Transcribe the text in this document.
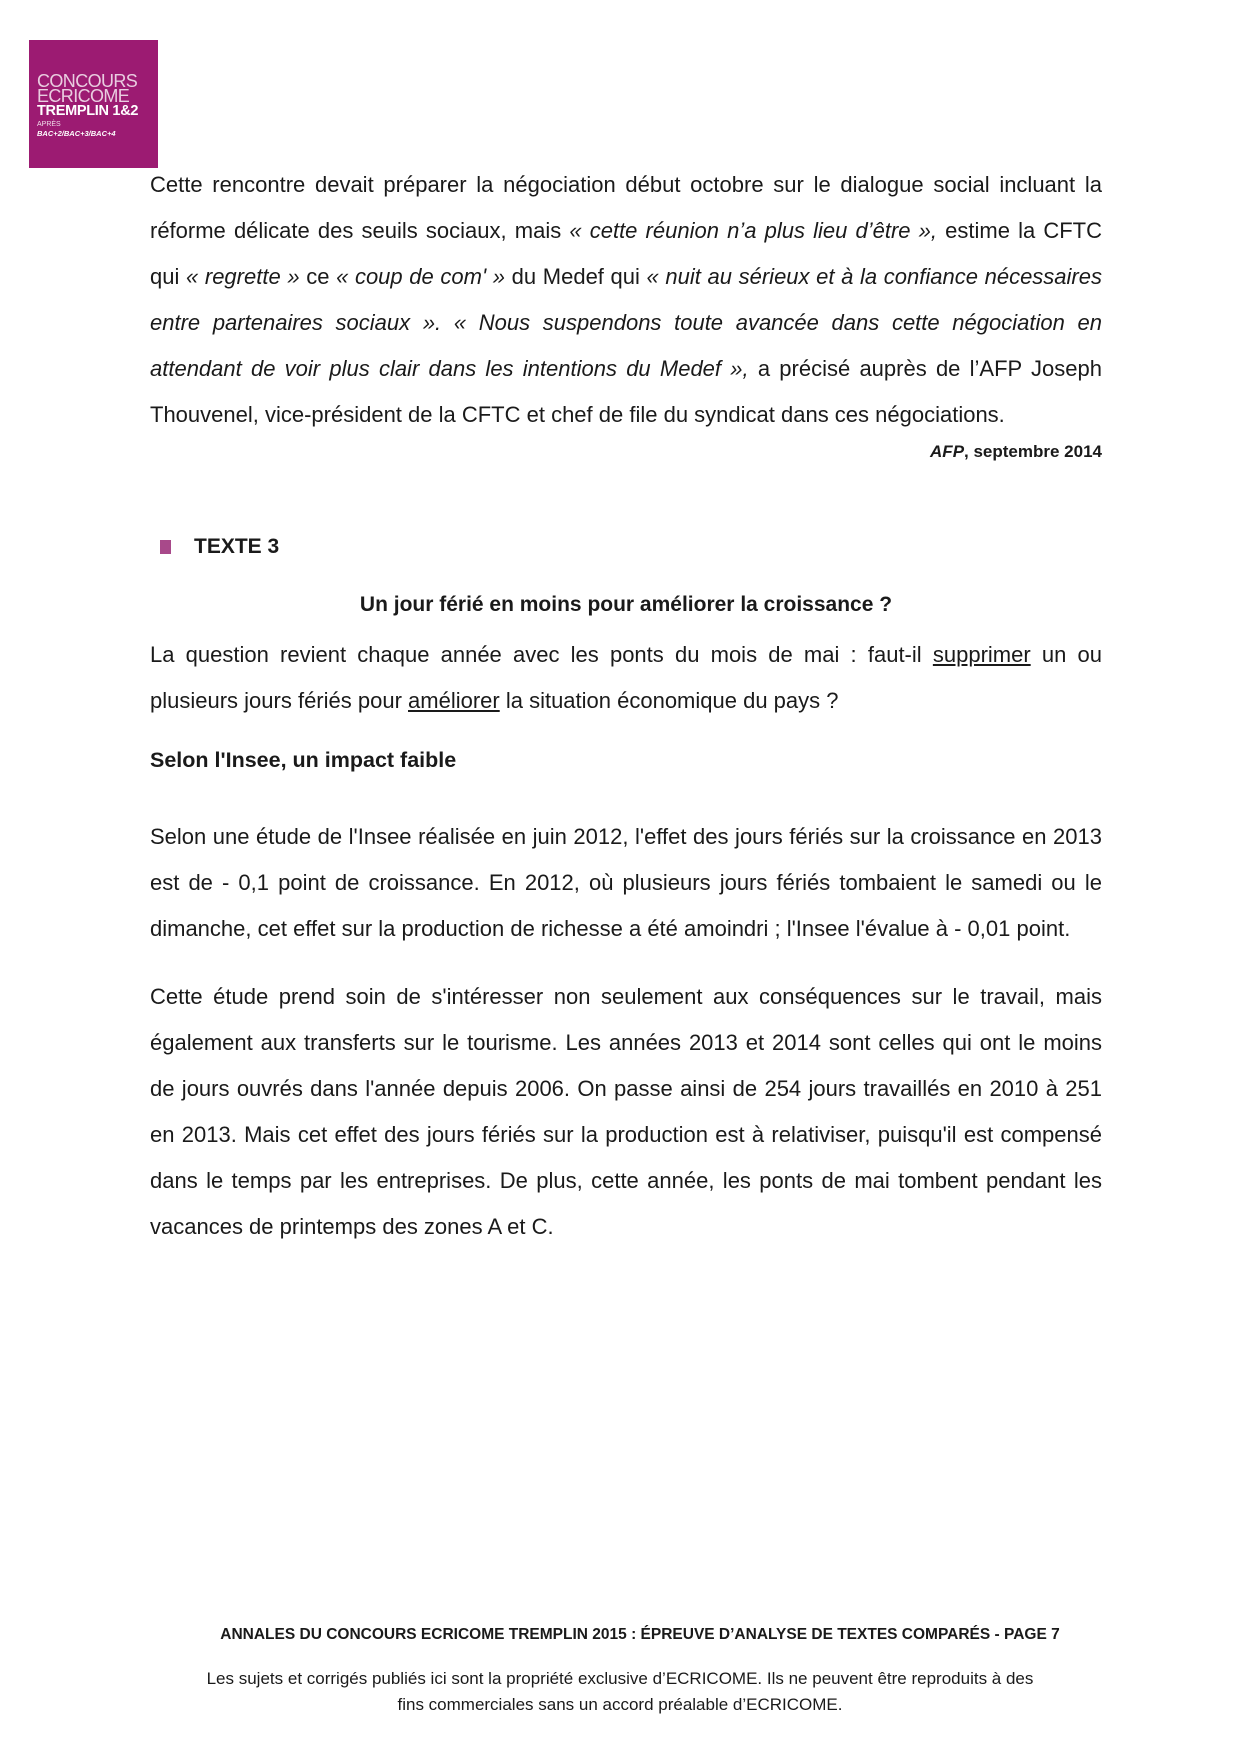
CONCOURS
ECRICOME
TREMPLIN 1&2
APRÈS
BAC+2/BAC+3/BAC+4

Cette rencontre devait préparer la négociation début octobre sur le dialogue social incluant la réforme délicate des seuils sociaux, mais « cette réunion n’a plus lieu d’être », estime la CFTC qui « regrette » ce « coup de com' » du Medef qui « nuit au sérieux et à la confiance nécessaires entre partenaires sociaux ». « Nous suspendons toute avancée dans cette négociation en attendant de voir plus clair dans les intentions du Medef », a précisé auprès de l’AFP Joseph Thouvenel, vice-président de la CFTC et chef de file du syndicat dans ces négociations.

AFP, septembre 2014
TEXTE 3
Un jour férié en moins pour améliorer la croissance ?

La question revient chaque année avec les ponts du mois de mai : faut-il supprimer un ou plusieurs jours fériés pour améliorer la situation économique du pays ?

Selon l'Insee, un impact faible

Selon une étude de l'Insee réalisée en juin 2012, l'effet des jours fériés sur la croissance en 2013 est de - 0,1 point de croissance. En 2012, où plusieurs jours fériés tombaient le samedi ou le dimanche, cet effet sur la production de richesse a été amoindri ; l'Insee l'évalue à - 0,01 point.

Cette étude prend soin de s'intéresser non seulement aux conséquences sur le travail, mais également aux transferts sur le tourisme. Les années 2013 et 2014 sont celles qui ont le moins de jours ouvrés dans l'année depuis 2006. On passe ainsi de 254 jours travaillés en 2010 à 251 en 2013. Mais cet effet des jours fériés sur la production est à relativiser, puisqu'il est compensé dans le temps par les entreprises. De plus, cette année, les ponts de mai tombent pendant les vacances de printemps des zones A et C.

ANNALES DU CONCOURS ECRICOME TREMPLIN 2015 : ÉPREUVE D’ANALYSE DE TEXTES COMPARÉS - PAGE 7
Les sujets et corrigés publiés ici sont la propriété exclusive d’ECRICOME. Ils ne peuvent être reproduits à des
fins commerciales sans un accord préalable d’ECRICOME.
